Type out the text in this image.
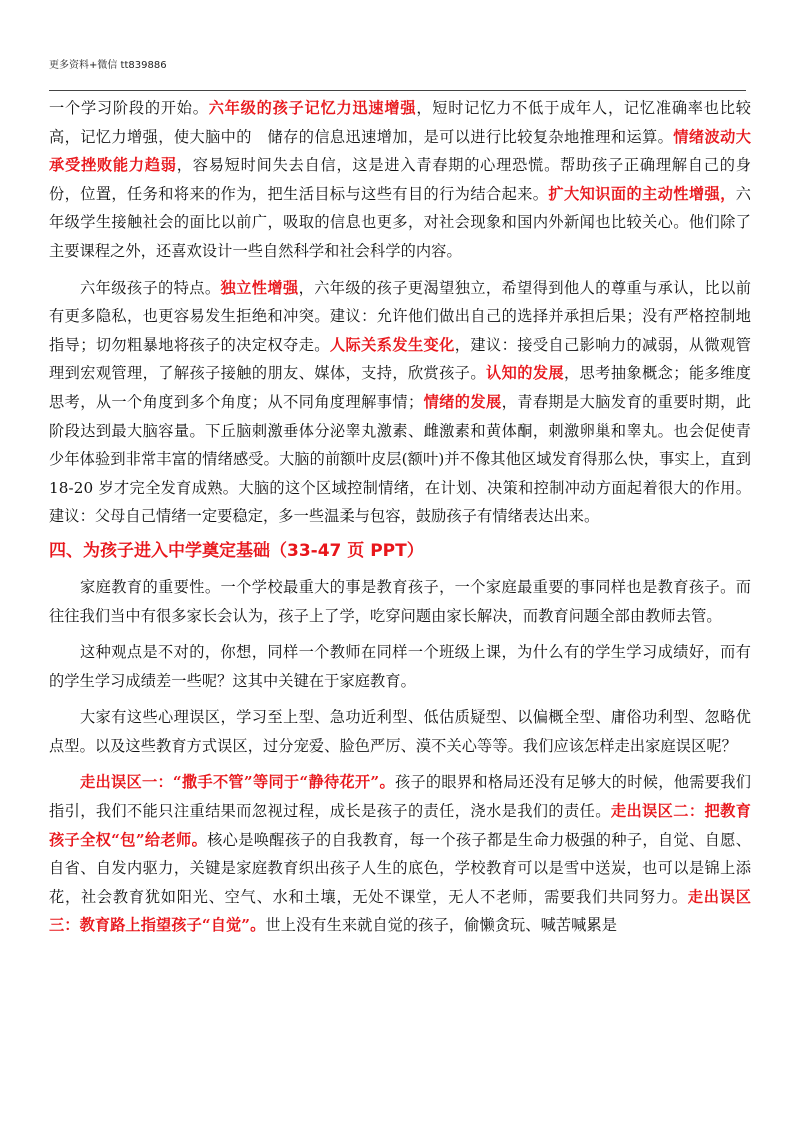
更多资料+微信 tt839886

一个学习阶段的开始。六年级的孩子记忆力迅速增强，短时记忆力不低于成年人，记忆准确率也比较高，记忆力增强，使大脑中的　储存的信息迅速增加，是可以进行比较复杂地推理和运算。情绪波动大承受挫败能力趋弱，容易短时间失去自信，这是进入青春期的心理恐慌。帮助孩子正确理解自己的身份，位置，任务和将来的作为，把生活目标与这些有目的行为结合起来。扩大知识面的主动性增强，六年级学生接触社会的面比以前广，吸取的信息也更多，对社会现象和国内外新闻也比较关心。他们除了主要课程之外，还喜欢设计一些自然科学和社会科学的内容。

六年级孩子的特点。独立性增强，六年级的孩子更渴望独立，希望得到他人的尊重与承认，比以前有更多隐私，也更容易发生拒绝和冲突。建议：允许他们做出自己的选择并承担后果；没有严格控制地指导；切勿粗暴地将孩子的决定权夺走。人际关系发生变化，建议：接受自己影响力的减弱，从微观管理到宏观管理，了解孩子接触的朋友、媒体，支持，欣赏孩子。认知的发展，思考抽象概念；能多维度思考，从一个角度到多个角度；从不同角度理解事情；情绪的发展，青春期是大脑发育的重要时期，此阶段达到最大脑容量。下丘脑刺激垂体分泌睾丸激素、雌激素和黄体酮，刺激卵巢和睾丸。也会促使青少年体验到非常丰富的情绪感受。大脑的前额叶皮层(额叶)并不像其他区域发育得那么快，事实上，直到 18-20 岁才完全发育成熟。大脑的这个区域控制情绪，在计划、决策和控制冲动方面起着很大的作用。建议：父母自己情绪一定要稳定，多一些温柔与包容，鼓励孩子有情绪表达出来。

四、为孩子进入中学奠定基础（33-47 页 PPT）

家庭教育的重要性。一个学校最重大的事是教育孩子，一个家庭最重要的事同样也是教育孩子。而往往我们当中有很多家长会认为，孩子上了学，吃穿问题由家长解决，而教育问题全部由教师去管。

这种观点是不对的，你想，同样一个教师在同样一个班级上课，为什么有的学生学习成绩好，而有的学生学习成绩差一些呢？这其中关键在于家庭教育。

大家有这些心理误区，学习至上型、急功近利型、低估质疑型、以偏概全型、庸俗功利型、忽略优点型。以及这些教育方式误区，过分宠爱、脸色严厉、漠不关心等等。我们应该怎样走出家庭误区呢？

走出误区一：“撒手不管”等同于“静待花开”。孩子的眼界和格局还没有足够大的时候，他需要我们指引，我们不能只注重结果而忽视过程，成长是孩子的责任，浇水是我们的责任。走出误区二：把教育孩子全权“包”给老师。核心是唤醒孩子的自我教育，每一个孩子都是生命力极强的种子，自觉、自愿、自省、自发内驱力，关键是家庭教育织出孩子人生的底色，学校教育可以是雪中送炭，也可以是锦上添花，社会教育犹如阳光、空气、水和土壤，无处不课堂，无人不老师，需要我们共同努力。走出误区三：教育路上指望孩子“自觉”。世上没有生来就自觉的孩子，偷懒贪玩、喊苦喊累是
